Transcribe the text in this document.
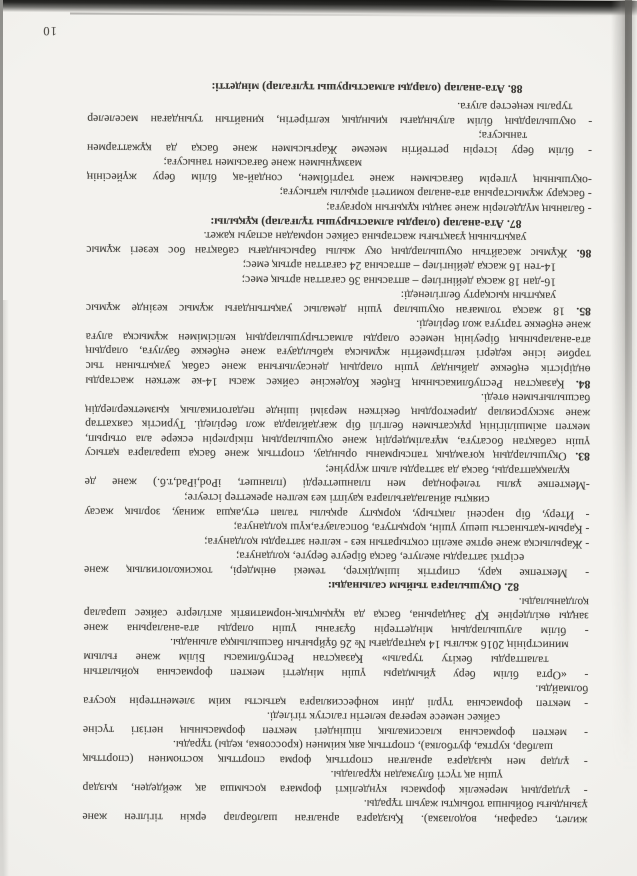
жилет, сарафан, водолазка). Қыздарға арналған шалбарлар еркін тігілген және
ұзындығы бойынша тобықты жауып тұрады.
- ұлдардың мерекелік формасы күнделікті формаға қосымша ақ жейдеден, қыздар
үшін ақ түсті блузкадан құралады.
- ұлдар мен қыздарға арналған спорттық форма спорттық костюмнен (спорттық
шалбар, куртка, футболка), спорттық аяқ киімнен (кроссовка, кеды) тұрады.
- мектеп формасына классикалық пішіндегі мектеп формасының негізгі түсіне
сәйкес немесе кереғар келетін галстук тігіледі.
- мектеп формасына түрлі діни конфессияларға қатысты киім элементтерін қосуға
болмайды.
- «Орта білім беру ұйымдары үшін міндетті мектеп формасына қойылатын
талаптарды бекіту туралы» Қазақстан Республикасы Білім және ғылым
министрінің 2016 жылғы 14 қаңтардағы № 26 бұйрығын басшылыққа алынады.
- білім алушылардың міндеттерін бұзғаны үшін оларды ата-аналарына және
заңды өкілдеріне ҚР Заңдарына, басқа да құқықтық-нормативтік актілерге сәйкес шаралар
қолданылады.
82. Оқушыларға тыйым салынады:
- Мектепке қару, спирттік ішімдіктер, темекі өнімдері, токсикологиялық және
есірткі заттарды әкелуге, басқа біреуге беруге, қолдануға;
- Жарылысқа және өртке әкеліп соқтыратын кез - келген заттарды қолдануға;
- Қарым-қатынасты шешу үшін, қорқытуға, бопсалауға,күш қолдануға;
- Итеру, бір нәрсені лақтыру, қорқыту арқылы талап ету,ақша жинау, зорлық жасау
сияқты айналадағыларға қауіпті кез келген әрекеттер істеуге;
-Мектепке ұялы телефондар мен планшеттерді (планшет, iPod,iPad,т.б.) және де
құлаққаптарды, басқа да заттарды алып жүруіне;
83. Оқушылардың қоғамдық тапсырманы орындау, спорттық және басқа шараларға қатысу
үшін сабақтан босатуға, мұғалімдердің және оқушылардың пікірлерін ескере ала отырып,
мектеп әкімшілігінің рұқсатымен белгілі бір жағдайларда жол беріледі. Туристік саяхаттар
және экскурсиялар директордың бекіткен мерзімі ішінде педагогикалық қызметкерлердің
басшылығымен өтеді.
84. Қазақстан Республикасының Еңбек Кодексіне сәйкес жасы 14-ке жеткен жастарды
өндірістік еңбекке дайындау үшін олардың денсаулығына және сабақ уақытынан тыс
тәрбие ісіне кедергі келтірмейтін жұмысқа қабылдауға және еңбекке баулуға, олардың
ата-аналарының біреуінің немесе оларды алмастырушылардың келісімімен жұмысқа алуға
және еңбекке тартуға жол беріледі.
85. 18 жасқа толмаған оқушылар үшін демалыс уақытындағы жұмыс кезінде жұмыс
уақытын қысқарту белгіленеді:
16-дан 18 жасқа дейінгілер – аптасына 36 сағаттан артық емес;
14-тен 16 жасқа дейінгілер – аптасына 24 сағаттан артық емес;
86. Жұмыс жасайтын оқушылардың оқу жылы барысындағы сабақтан бос кезегі жұмыс
уақытының ұзақтығы жастарына сәйкес нормадан аспауы қажет.
87. Ата-аналар (оларды алмастырушы тұлғалар) құқылы:
- баланың мүдделерін және заңды құқығын қорғауға;
- басқару жұмыстарына ата-аналар комитеті арқылы қатысуға;
-оқушының үлгерім бағасымен және тәртібімен, сондай-ақ білім беру жүйесінің
мазмұнымен және бағасымен танысуға;
- білім беру істерін реттейтін мекеме Жарғысымен және басқа да құжаттармен
танысуға;
- оқушылардың білім алуындағы қиындық келтіретін, қинайтын туындаған мәселелер
туралы кеңестер алуға.
88. Ата-аналар (оларды алмастырушы тұлғалар) міндетті:
10
